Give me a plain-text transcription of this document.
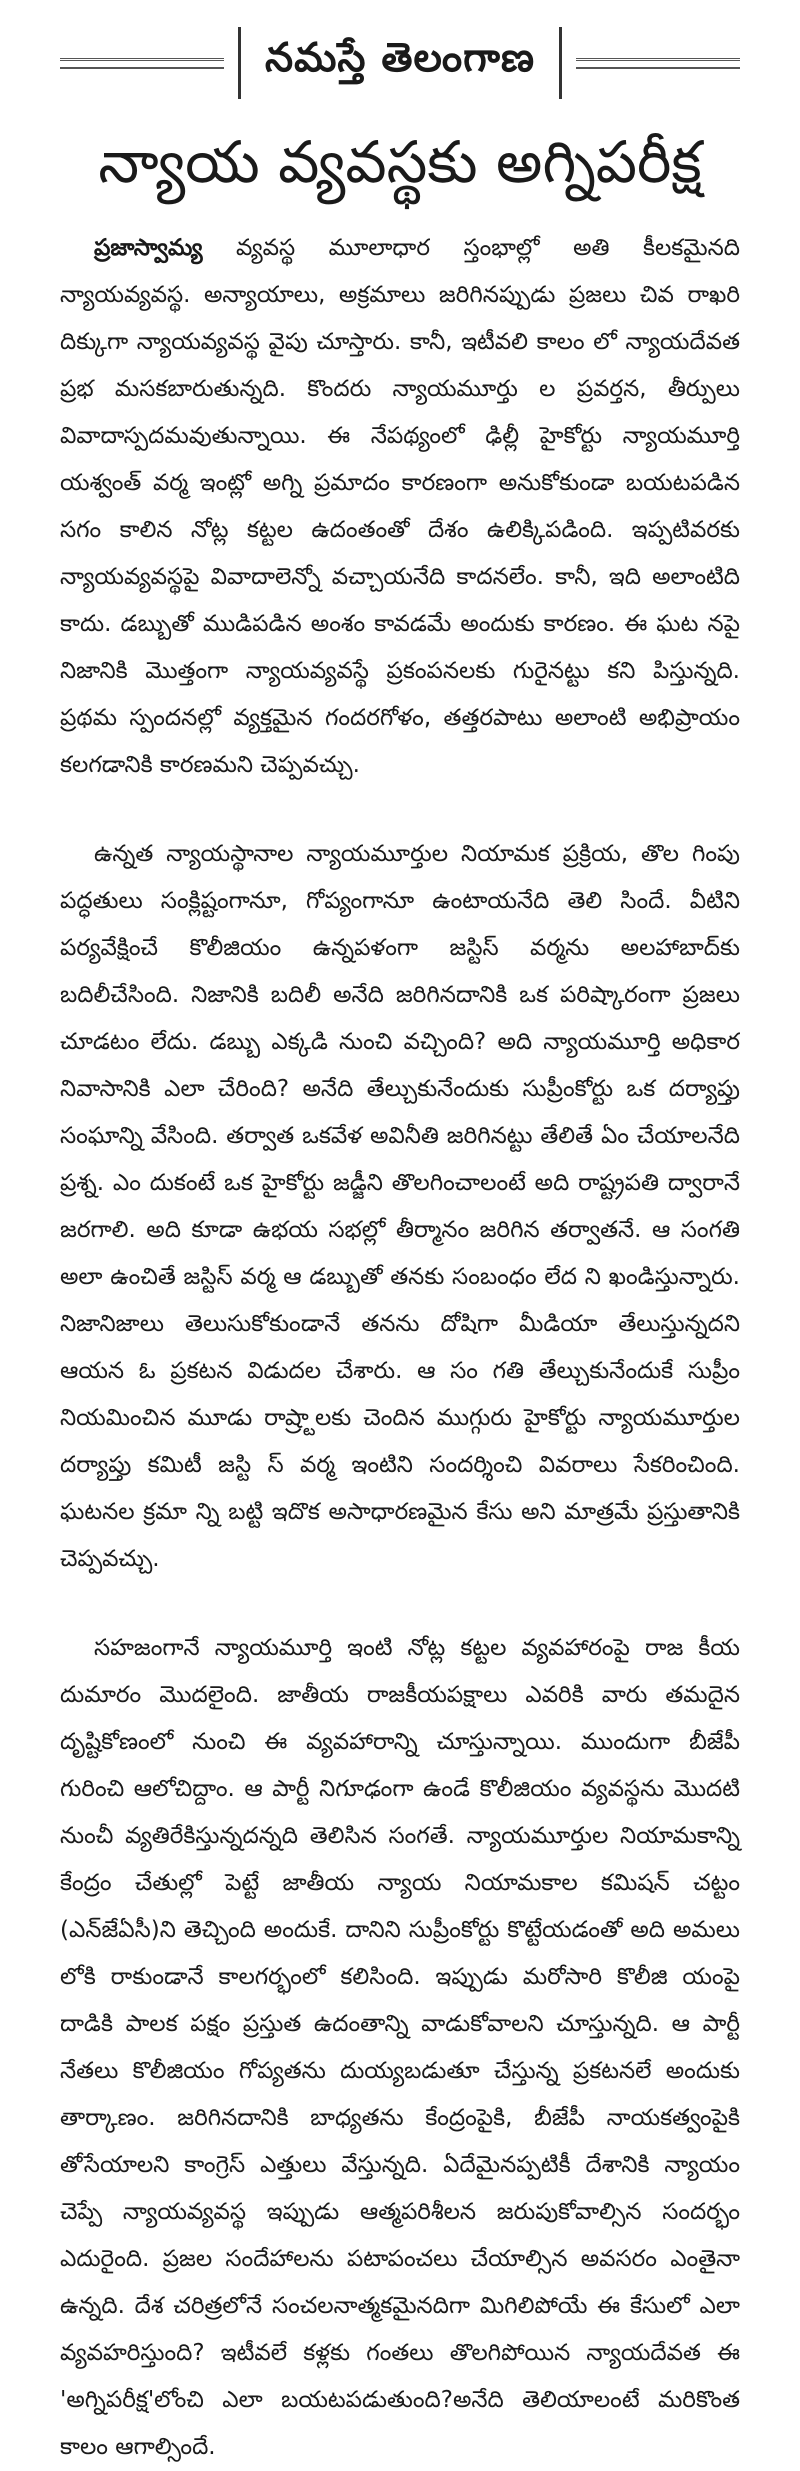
నమస్తే తెలంగాణ
న్యాయ వ్యవస్థకు అగ్నిపరీక్ష

ప్రజాస్వామ్య వ్యవస్థ మూలాధార స్తంభాల్లో అతి కీలకమైనది న్యాయవ్యవస్థ. అన్యాయాలు, అక్రమాలు జరిగినప్పుడు ప్రజలు చివ రాఖరి దిక్కుగా న్యాయవ్యవస్థ వైపు చూస్తారు. కానీ, ఇటీవలి కాలం లో న్యాయదేవత ప్రభ మసకబారుతున్నది. కొందరు న్యాయమూర్తు ల ప్రవర్తన, తీర్పులు వివాదాస్పదమవుతున్నాయి. ఈ నేపథ్యంలో ఢిల్లీ హైకోర్టు న్యాయమూర్తి యశ్వంత్ వర్మ ఇంట్లో అగ్ని ప్రమాదం కారణంగా అనుకోకుండా బయటపడిన సగం కాలిన నోట్ల కట్టల ఉదంతంతో దేశం ఉలిక్కిపడింది. ఇప్పటివరకు న్యాయవ్యవస్థపై వివాదాలెన్నో వచ్చాయనేది కాదనలేం. కానీ, ఇది అలాంటిది కాదు. డబ్బుతో ముడిపడిన అంశం కావడమే అందుకు కారణం. ఈ ఘట నపై నిజానికి మొత్తంగా న్యాయవ్యవస్థే ప్రకంపనలకు గురైనట్టు కని పిస్తున్నది. ప్రథమ స్పందనల్లో వ్యక్తమైన గందరగోళం, తత్తరపాటు అలాంటి అభిప్రాయం కలగడానికి కారణమని చెప్పవచ్చు.

ఉన్నత న్యాయస్థానాల న్యాయమూర్తుల నియామక ప్రక్రియ, తొల గింపు పద్ధతులు సంక్లిష్టంగానూ, గోప్యంగానూ ఉంటాయనేది తెలి సిందే. వీటిని పర్యవేక్షించే కొలీజియం ఉన్నపళంగా జస్టిస్ వర్మను అలహాబాద్‌కు బదిలీచేసింది. నిజానికి బదిలీ అనేది జరిగినదానికి ఒక పరిష్కారంగా ప్రజలు చూడటం లేదు. డబ్బు ఎక్కడి నుంచి వచ్చింది? అది న్యాయమూర్తి అధికార నివాసానికి ఎలా చేరింది? అనేది తేల్చుకునేందుకు సుప్రీంకోర్టు ఒక దర్యాప్తు సంఘాన్ని వేసింది. తర్వాత ఒకవేళ అవినీతి జరిగినట్టు తేలితే ఏం చేయాలనేది ప్రశ్న. ఎం దుకంటే ఒక హైకోర్టు జడ్జీని తొలగించాలంటే అది రాష్ట్రపతి ద్వారానే జరగాలి. అది కూడా ఉభయ సభల్లో తీర్మానం జరిగిన తర్వాతనే. ఆ సంగతి అలా ఉంచితే జస్టిస్ వర్మ ఆ డబ్బుతో తనకు సంబంధం లేద ని ఖండిస్తున్నారు. నిజానిజాలు తెలుసుకోకుండానే తనను దోషిగా మీడియా తేలుస్తున్నదని ఆయన ఓ ప్రకటన విడుదల చేశారు. ఆ సం గతి తేల్చుకునేందుకే సుప్రీం నియమించిన మూడు రాష్ర్టాలకు చెందిన ముగ్గురు హైకోర్టు న్యాయమూర్తుల దర్యాప్తు కమిటీ జస్టి స్ వర్మ ఇంటిని సందర్శించి వివరాలు సేకరించింది. ఘటనల క్రమా న్ని బట్టి ఇదొక అసాధారణమైన కేసు అని మాత్రమే ప్రస్తుతానికి చెప్పవచ్చు.

సహజంగానే న్యాయమూర్తి ఇంటి నోట్ల కట్టల వ్యవహారంపై రాజ కీయ దుమారం మొదలైంది. జాతీయ రాజకీయపక్షాలు ఎవరికి వారు తమదైన దృష్టికోణంలో నుంచి ఈ వ్యవహారాన్ని చూస్తున్నాయి. ముందుగా బీజేపీ గురించి ఆలోచిద్దాం. ఆ పార్టీ నిగూఢంగా ఉండే కొలీజియం వ్యవస్థను మొదటి నుంచీ వ్యతిరేకిస్తున్నదన్నది తెలిసిన సంగతే. న్యాయమూర్తుల నియామకాన్ని కేంద్రం చేతుల్లో పెట్టే జాతీయ న్యాయ నియామకాల కమిషన్ చట్టం (ఎన్‌జేఏసీ)ని తెచ్చింది అందుకే. దానిని సుప్రీంకోర్టు కొట్టేయడంతో అది అమలు లోకి రాకుండానే కాలగర్భంలో కలిసింది. ఇప్పుడు మరోసారి కొలీజి యంపై దాడికి పాలక పక్షం ప్రస్తుత ఉదంతాన్ని వాడుకోవాలని చూస్తున్నది. ఆ పార్టీ నేతలు కొలీజియం గోప్యతను దుయ్యబడుతూ చేస్తున్న ప్రకటనలే అందుకు తార్కాణం. జరిగినదానికి బాధ్యతను కేంద్రంపైకి, బీజేపీ నాయకత్వంపైకి తోసేయాలని కాంగ్రెస్ ఎత్తులు వేస్తున్నది. ఏదేమైనప్పటికీ దేశానికి న్యాయం చెప్పే న్యాయవ్యవస్థ ఇప్పుడు ఆత్మపరిశీలన జరుపుకోవాల్సిన సందర్భం ఎదురైంది. ప్రజల సందేహాలను పటాపంచలు చేయాల్సిన అవసరం ఎంతైనా ఉన్నది. దేశ చరిత్రలోనే సంచలనాత్మకమైనదిగా మిగిలిపోయే ఈ కేసులో ఎలా వ్యవహరిస్తుంది? ఇటీవలే కళ్లకు గంతలు తొలగిపోయిన న్యాయదేవత ఈ 'అగ్నిపరీక్ష'లోంచి ఎలా బయటపడుతుంది?అనేది తెలియాలంటే మరికొంత కాలం ఆగాల్సిందే.
